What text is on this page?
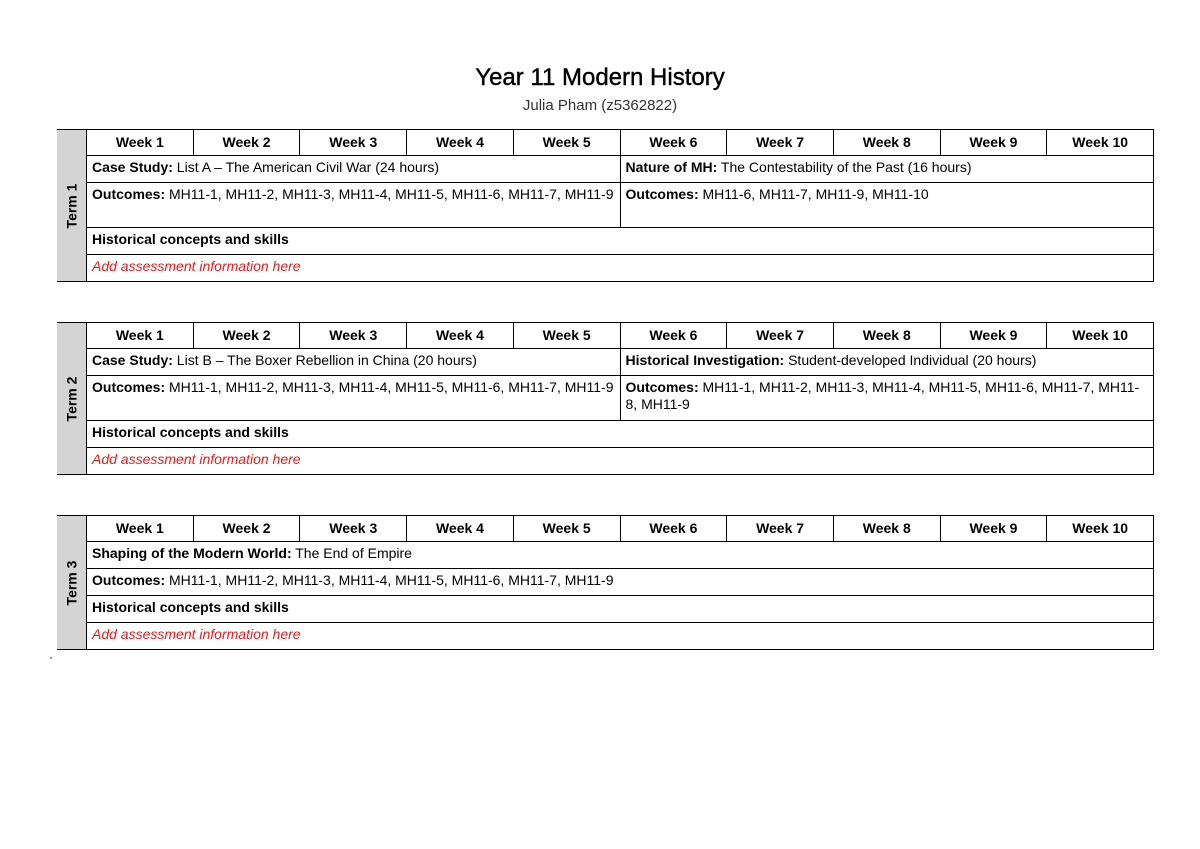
Year 11 Modern History
Julia Pham (z5362822)
Term 1
Week 1	Week 2	Week 3	Week 4	Week 5	Week 6	Week 7	Week 8	Week 9	Week 10
Case Study: List A – The American Civil War (24 hours)	Nature of MH: The Contestability of the Past (16 hours)
Outcomes: MH11-1, MH11-2, MH11-3, MH11-4, MH11-5, MH11-6, MH11-7, MH11-9 Outcomes: MH11-6, MH11-7, MH11-9, MH11-10
Historical concepts and skills
Add assessment information here
Term 2
Week 1	Week 2	Week 3	Week 4	Week 5	Week 6	Week 7	Week 8	Week 9	Week 10
Case Study: List B – The Boxer Rebellion in China (20 hours)	Historical Investigation: Student-developed Individual (20 hours)
Outcomes: MH11-1, MH11-2, MH11-3, MH11-4, MH11-5, MH11-6, MH11-7, MH11-9 Outcomes: MH11-1, MH11-2, MH11-3, MH11-4, MH11-5, MH11-6, MH11-7, MH11-8, MH11-9
Historical concepts and skills
Add assessment information here
Term 3
Week 1	Week 2	Week 3	Week 4	Week 5	Week 6	Week 7	Week 8	Week 9	Week 10
Shaping of the Modern World: The End of Empire
Outcomes: MH11-1, MH11-2, MH11-3, MH11-4, MH11-5, MH11-6, MH11-7, MH11-9
Historical concepts and skills
Add assessment information here
